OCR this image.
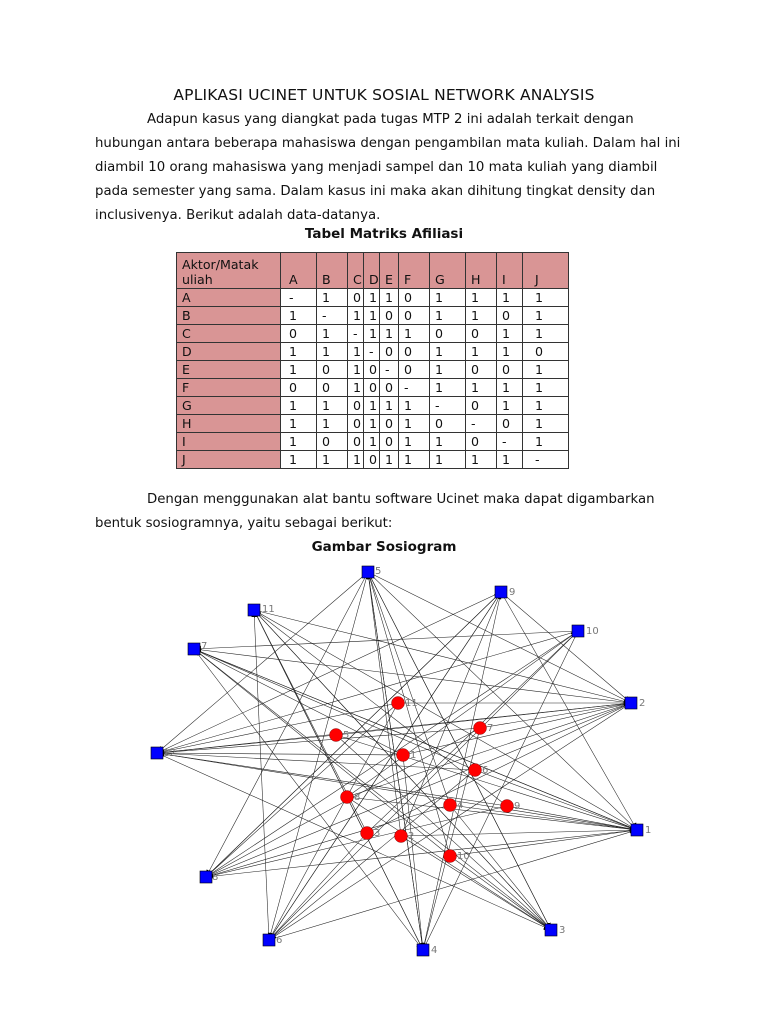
APLIKASI UCINET UNTUK SOSIAL NETWORK ANALYSIS

Adapun kasus yang diangkat pada tugas MTP 2 ini adalah terkait dengan hubungan antara beberapa mahasiswa dengan pengambilan mata kuliah. Dalam hal ini diambil 10 orang mahasiswa yang menjadi sampel dan 10 mata kuliah yang diambil pada semester yang sama. Dalam kasus ini maka akan dihitung tingkat density dan inclusivenya. Berikut adalah data-datanya.

Tabel Matriks Afiliasi
Aktor/Matak uliah	A	B	C	D	E	F	G	H	I	J
A	-	1	0	1	1	0	1	1	1	1
B	1	-	1	1	0	0	1	1	0	1
C	0	1	-	1	1	1	0	0	1	1
D	1	1	1	-	0	0	1	1	1	0
E	1	0	1	0	-	0	1	0	0	1
F	0	0	1	0	0	-	1	1	1	1
G	1	1	0	1	1	1	-	0	1	1
H	1	1	0	1	0	1	0	-	0	1
I	1	0	0	1	0	1	1	0	-	1
J	1	1	1	0	1	1	1	1	1	-

Dengan menggunakan alat bantu software Ucinet maka dapat digambarkan bentuk sosiogramnya, yaitu sebagai berikut:

Gambar Sosiogram
1
2
3
4
5
6
7
8
9
10
11
12	1
2
3
4
5
6
7
8
9
10
11
